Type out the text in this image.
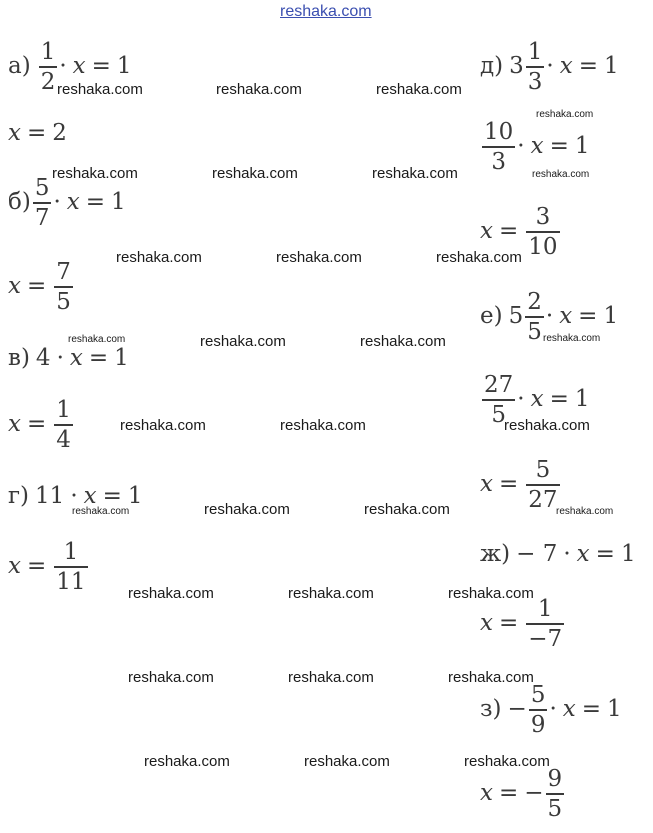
reshaka.com
reshaka.com	reshaka.com	reshaka.com
reshaka.com
reshaka.com	reshaka.com	reshaka.com	reshaka.com
reshaka.com	reshaka.com	reshaka.com
reshaka.com	reshaka.com	reshaka.com	reshaka.com
reshaka.com	reshaka.com	reshaka.com
reshaka.com	reshaka.com	reshaka.com	reshaka.com
reshaka.com	reshaka.com	reshaka.com
reshaka.com	reshaka.com	reshaka.com
reshaka.com	reshaka.com	reshaka.com
$а) \frac{1}{2} \cdot x = 1$
x = 2
$б) \frac{5}{7} \cdot x = 1$
$x = \frac{7}{5}$
в) 4 · x = 1
$x = \frac{1}{4}$
г) 11 · x = 1
$x = \frac{1}{11}$
д) $3 \frac{1}{3} \cdot x = 1$
$\frac{10}{3} \cdot x = 1$
$x = \frac{3}{10}$
е) $5 \frac{2}{5} \cdot x = 1$
$\frac{27}{5} \cdot x = 1$
$x = \frac{5}{27}$
ж) − 7 · x = 1
$x = \frac{1}{-7}$
$з) - \frac{5}{9} \cdot x = 1$
x = − $\frac{9}{5}$
